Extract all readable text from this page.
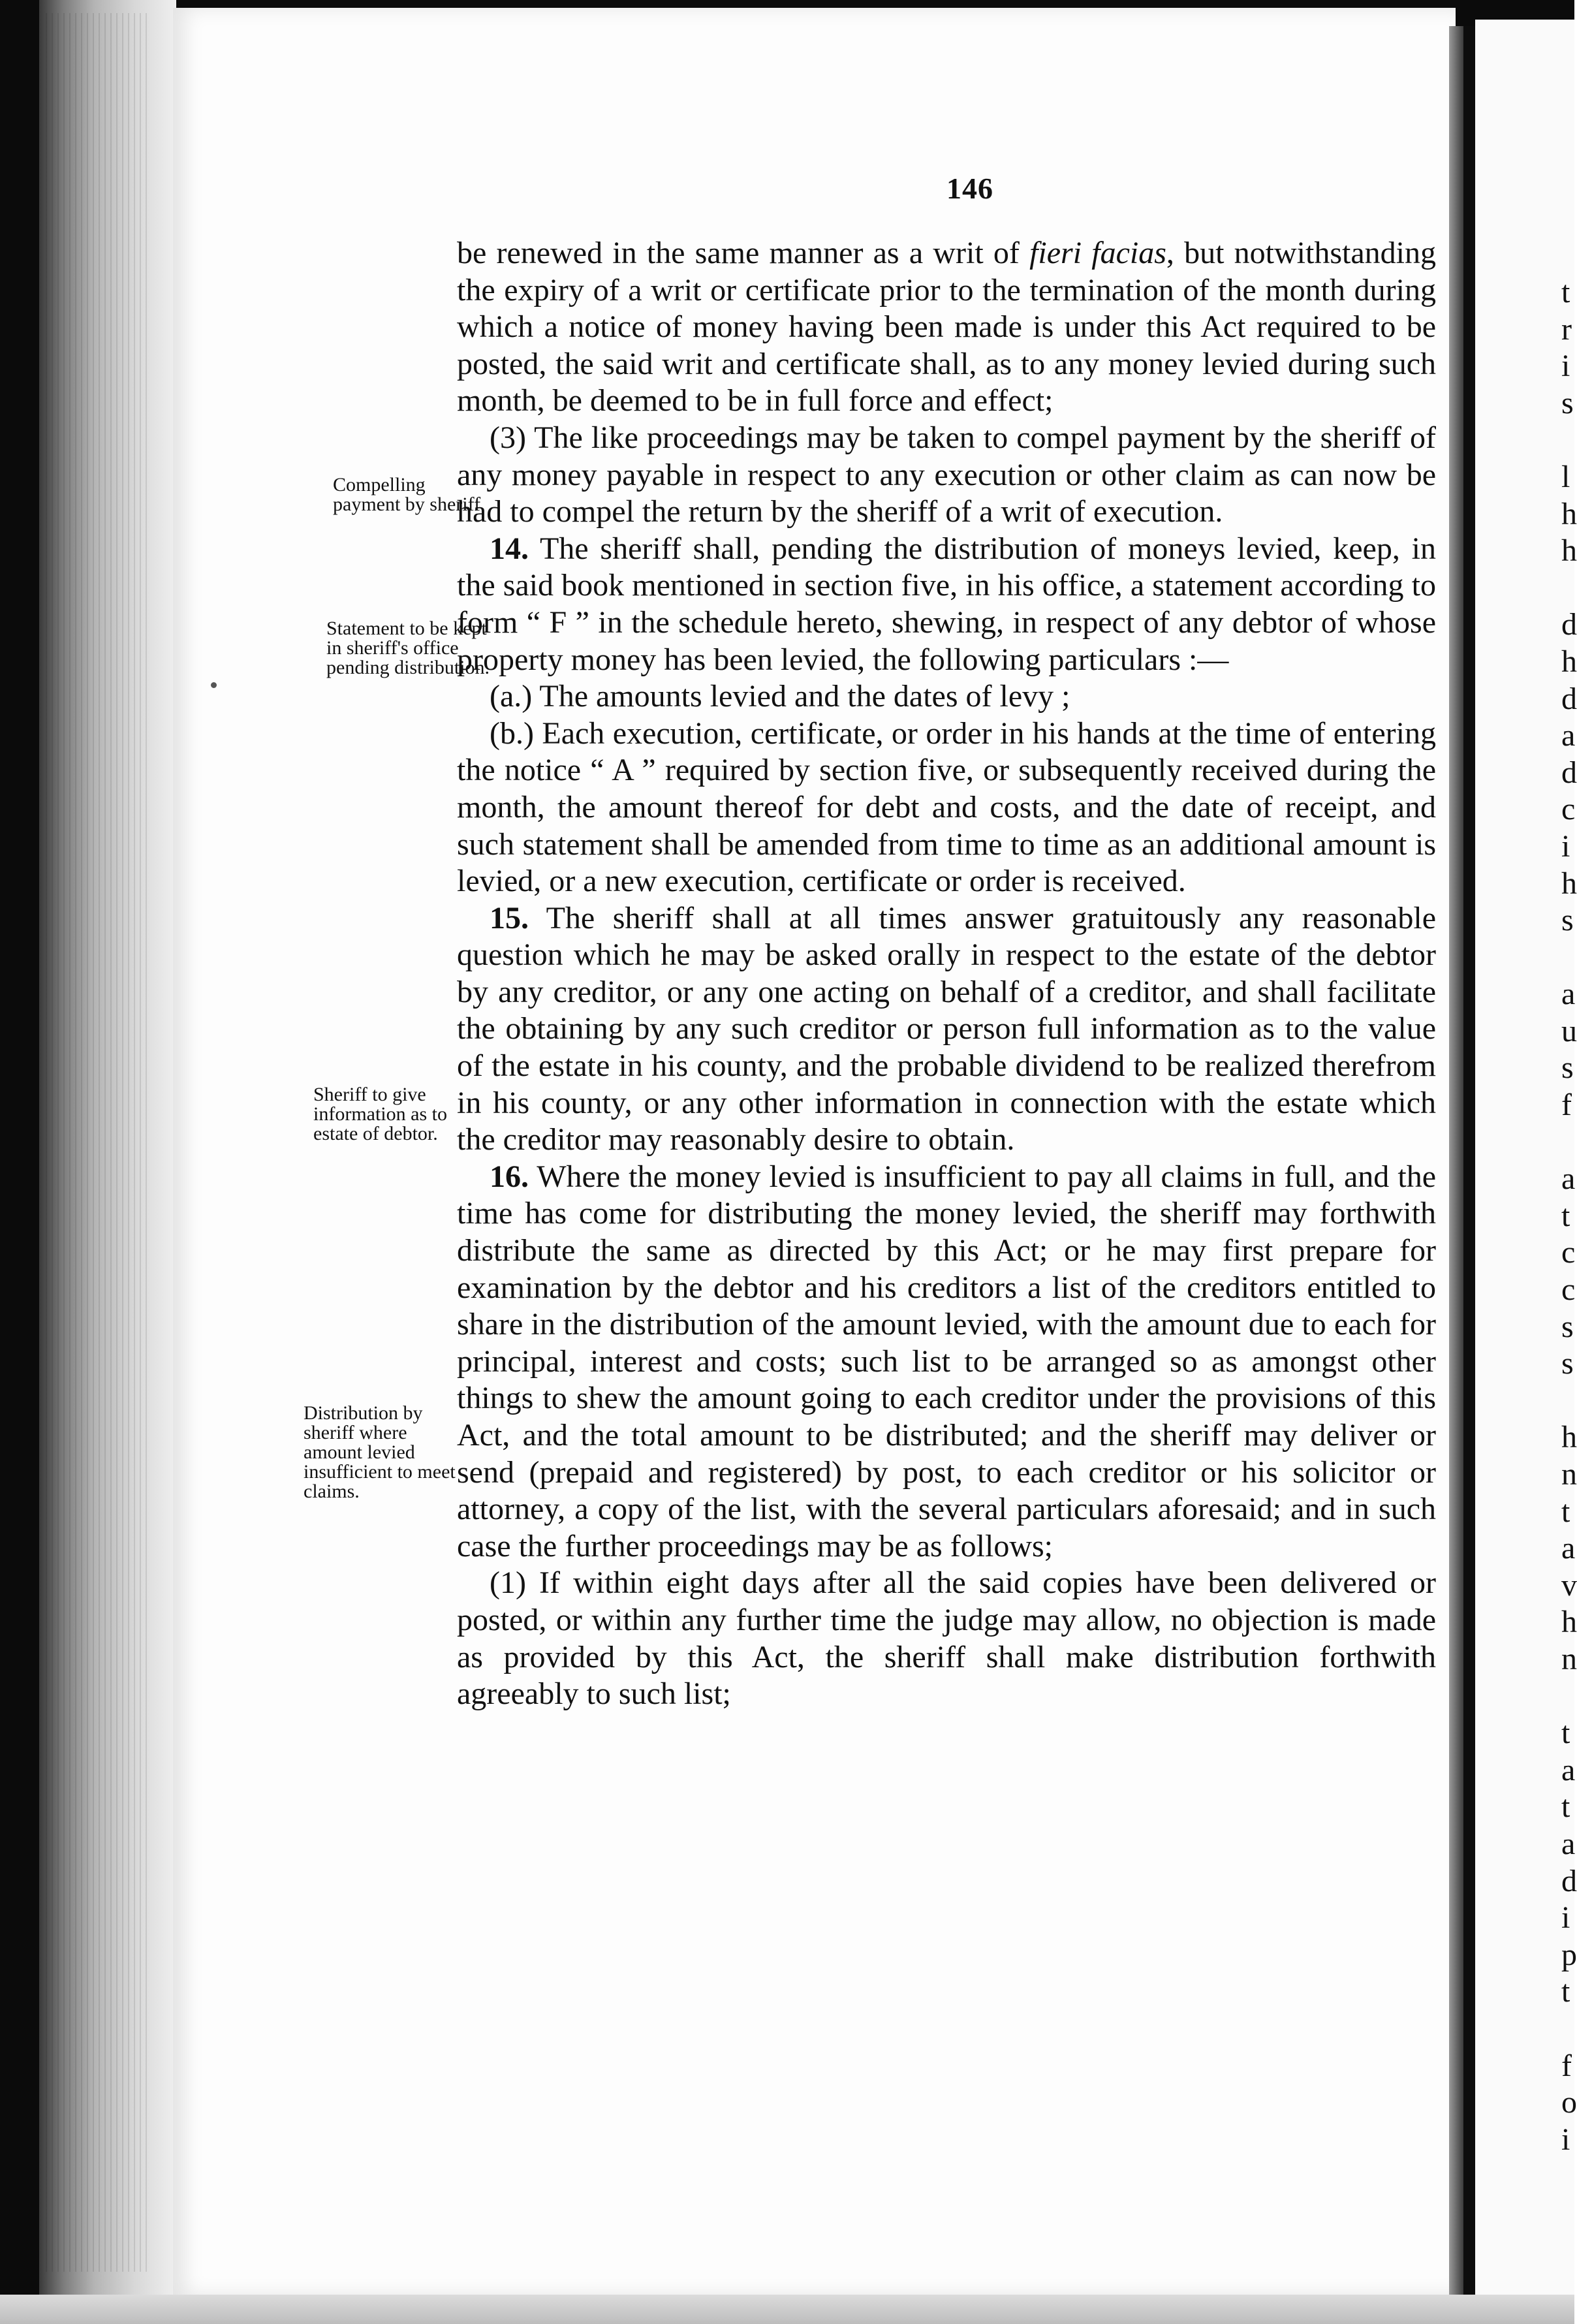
146
Compelling payment by sheriff.
Statement to be kept in sheriff's office pending distribution.
Sheriff to give information as to estate of debtor.
Distribution by sheriff where amount levied insufficient to meet claims.

be renewed in the same manner as a writ of fieri facias, but notwithstanding the expiry of a writ or certificate prior to the termination of the month during which a notice of money having been made is under this Act required to be posted, the said writ and certificate shall, as to any money levied during such month, be deemed to be in full force and effect;

(3) The like proceedings may be taken to compel payment by the sheriff of any money payable in respect to any execution or other claim as can now be had to compel the return by the sheriff of a writ of execution.

14. The sheriff shall, pending the distribution of moneys levied, keep, in the said book mentioned in section five, in his office, a statement according to form “ F ” in the schedule hereto, shewing, in respect of any debtor of whose property money has been levied, the following particulars :—

(a.) The amounts levied and the dates of levy ;

(b.) Each execution, certificate, or order in his hands at the time of entering the notice “ A ” required by section five, or subsequently received during the month, the amount thereof for debt and costs, and the date of receipt, and such statement shall be amended from time to time as an additional amount is levied, or a new execution, certificate or order is received.

15. The sheriff shall at all times answer gratuitously any reasonable question which he may be asked orally in respect to the estate of the debtor by any creditor, or any one acting on behalf of a creditor, and shall facilitate the obtaining by any such creditor or person full information as to the value of the estate in his county, and the probable dividend to be realized therefrom in his county, or any other information in connection with the estate which the creditor may reasonably desire to obtain.

16. Where the money levied is insufficient to pay all claims in full, and the time has come for distributing the money levied, the sheriff may forthwith distribute the same as directed by this Act; or he may first prepare for examination by the debtor and his creditors a list of the creditors entitled to share in the distribution of the amount levied, with the amount due to each for principal, interest and costs; such list to be arranged so as amongst other things to shew the amount going to each creditor under the provisions of this Act, and the total amount to be distributed; and the sheriff may deliver or send (prepaid and registered) by post, to each creditor or his solicitor or attorney, a copy of the list, with the several particulars aforesaid; and in such case the further proceedings may be as follows;

(1) If within eight days after all the said copies have been delivered or posted, or within any further time the judge may allow, no objection is made as provided by this Act, the sheriff shall make distribution forthwith agreeably to such list;

t
r
i
s
l
h
h
d
h
d
a
d
c
i
h
s
a
u
s
f
a
t
c
c
s
s
h
n
t
a
v
h
n
t
a
t
a
d
i
p
t
f
o
i
